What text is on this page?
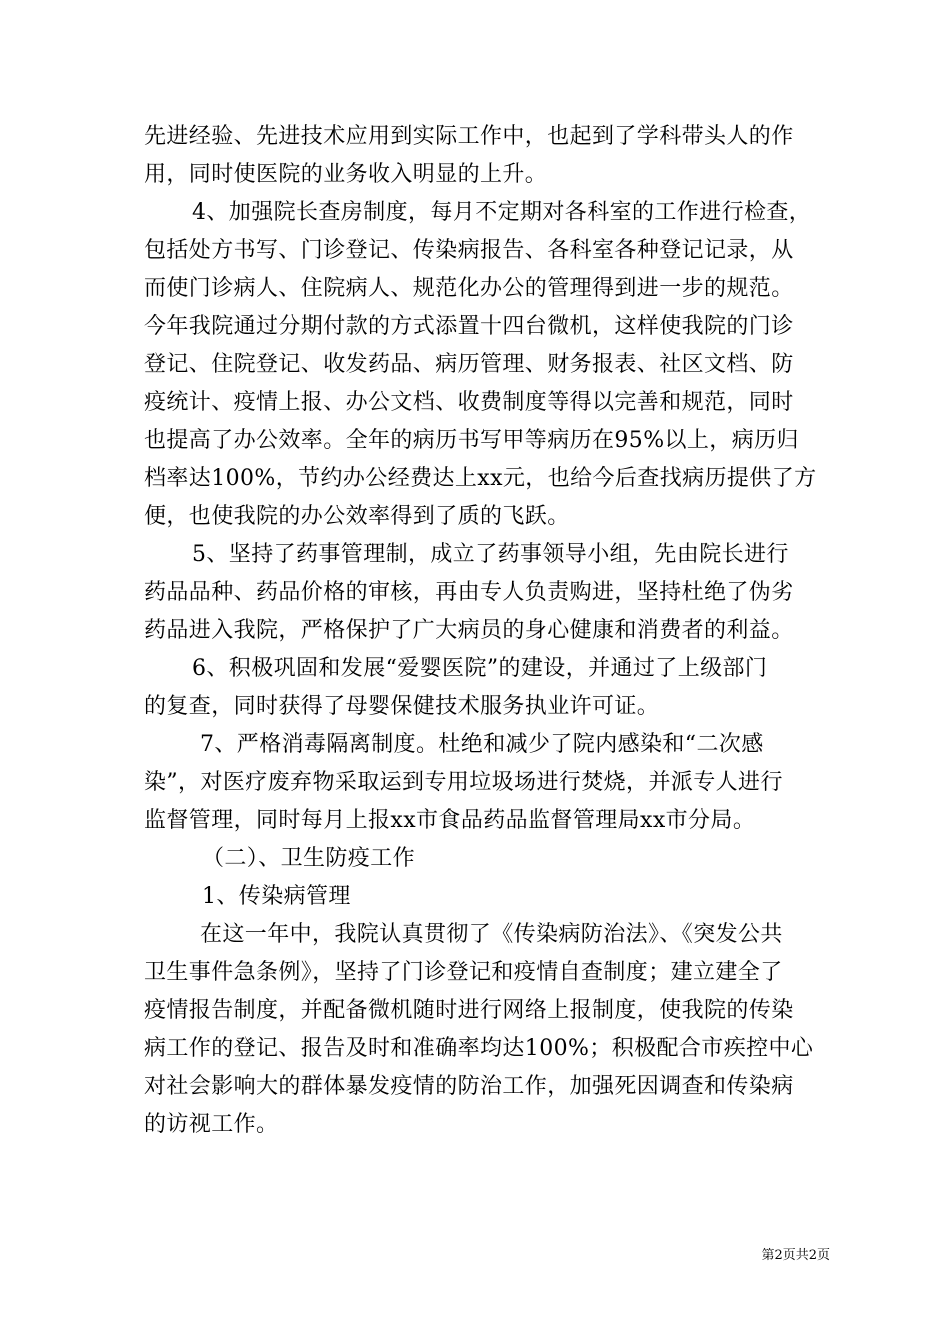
先进经验、先进技术应用到实际工作中，也起到了学科带头人的作
用，同时使医院的业务收入明显的上升。
4、加强院长查房制度，每月不定期对各科室的工作进行检查，
包括处方书写、门诊登记、传染病报告、各科室各种登记记录，从
而使门诊病人、住院病人、规范化办公的管理得到进一步的规范。
今年我院通过分期付款的方式添置十四台微机，这样使我院的门诊
登记、住院登记、收发药品、病历管理、财务报表、社区文档、防
疫统计、疫情上报、办公文档、收费制度等得以完善和规范，同时
也提高了办公效率。全年的病历书写甲等病历在95%以上，病历归
档率达100%，节约办公经费达上xx元，也给今后查找病历提供了方
便，也使我院的办公效率得到了质的飞跃。
5、坚持了药事管理制，成立了药事领导小组，先由院长进行
药品品种、药品价格的审核，再由专人负责购进，坚持杜绝了伪劣
药品进入我院，严格保护了广大病员的身心健康和消费者的利益。
6、积极巩固和发展“爱婴医院”的建设，并通过了上级部门
的复查，同时获得了母婴保健技术服务执业许可证。
7、严格消毒隔离制度。杜绝和减少了院内感染和“二次感
染”，对医疗废弃物采取运到专用垃圾场进行焚烧，并派专人进行
监督管理，同时每月上报xx市食品药品监督管理局xx市分局。
（二）、卫生防疫工作
1、传染病管理
在这一年中，我院认真贯彻了《传染病防治法》、《突发公共
卫生事件急条例》，坚持了门诊登记和疫情自查制度；建立建全了
疫情报告制度，并配备微机随时进行网络上报制度，使我院的传染
病工作的登记、报告及时和准确率均达100%；积极配合市疾控中心
对社会影响大的群体暴发疫情的防治工作，加强死因调查和传染病
的访视工作。
第2页共2页
